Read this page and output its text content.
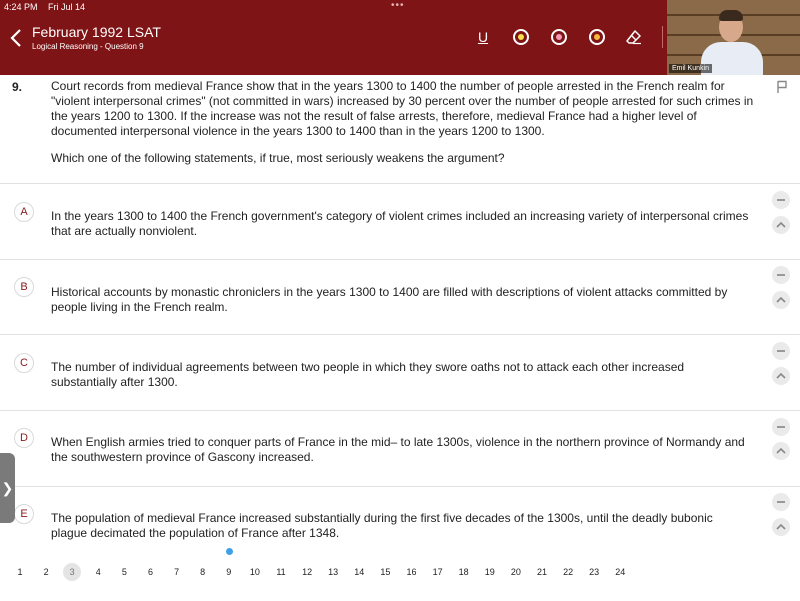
4:24 PM Fri Jul 14	•••
February 1992 LSAT
Logical Reasoning - Question 9
U
Emil Kunkin
9. Court records from medieval France show that in the years 1300 to 1400 the number of people arrested in the French realm for "violent interpersonal crimes" (not committed in wars) increased by 30 percent over the number of people arrested for such crimes in the years 1200 to 1300. If the increase was not the result of false arrests, therefore, medieval France had a higher level of documented interpersonal violence in the years 1300 to 1400 than in the years 1200 to 1300.
Which one of the following statements, if true, most seriously weakens the argument?
A	In the years 1300 to 1400 the French government's category of violent crimes included an increasing variety of interpersonal crimes that are actually nonviolent.
B	Historical accounts by monastic chroniclers in the years 1300 to 1400 are filled with descriptions of violent attacks committed by people living in the French realm.
C	The number of individual agreements between two people in which they swore oaths not to attack each other increased substantially after 1300.
D	When English armies tried to conquer parts of France in the mid– to late 1300s, violence in the northern province of Normandy and the southwestern province of Gascony increased.
E	The population of medieval France increased substantially during the first five decades of the 1300s, until the deadly bubonic plague decimated the population of France after 1348.
❯
1	2	3	4	5	6	7	8	9	10	11	12	13	14	15	16	17	18	19	20	21	22	23	24
